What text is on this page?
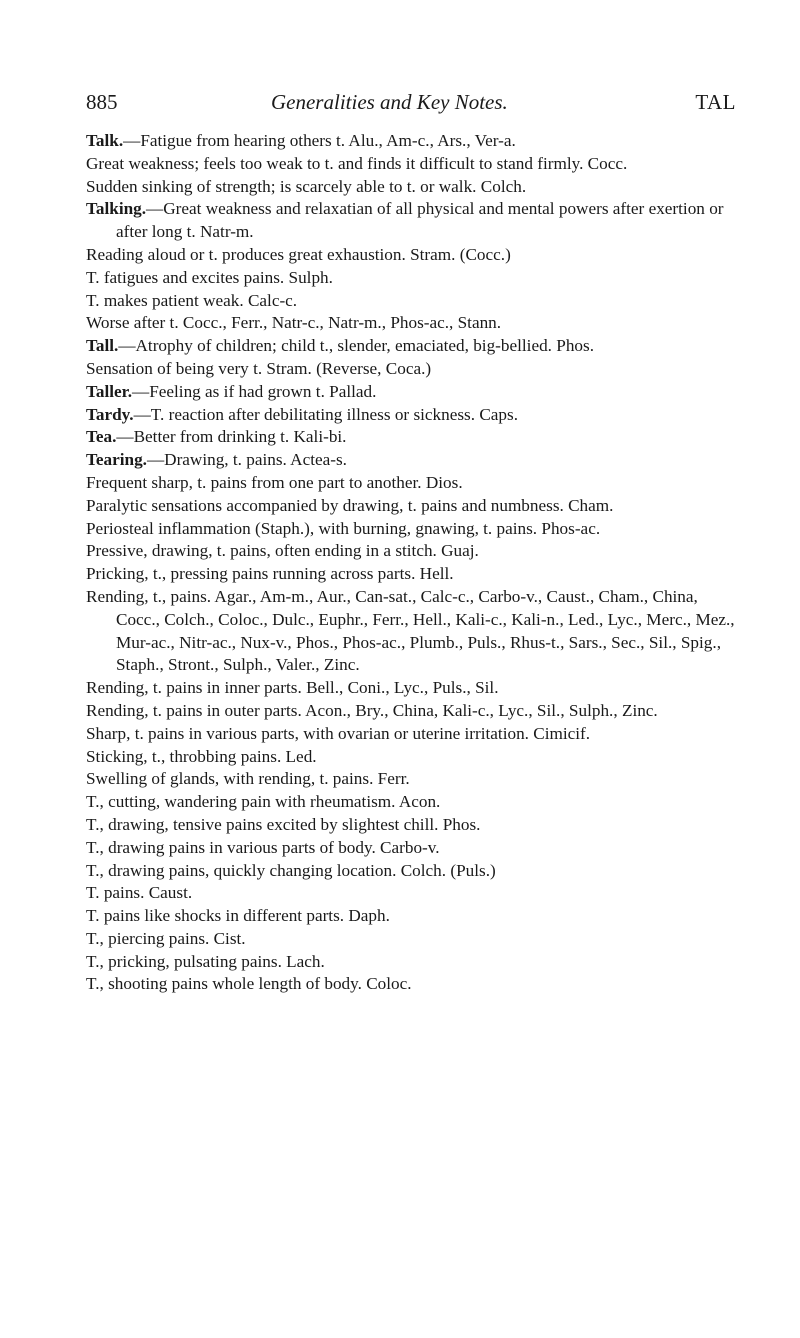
885	Generalities and Key Notes.	TAL

Talk.—Fatigue from hearing others t. Alu., Am-c., Ars., Ver-a.

Great weakness; feels too weak to t. and finds it difficult to stand firmly. Cocc.

Sudden sinking of strength; is scarcely able to t. or walk. Colch.

Talking.—Great weakness and relaxatian of all physical and mental powers after exertion or after long t. Natr-m.

Reading aloud or t. produces great exhaustion. Stram. (Cocc.)

T. fatigues and excites pains. Sulph.

T. makes patient weak. Calc-c.

Worse after t. Cocc., Ferr., Natr-c., Natr-m., Phos-ac., Stann.

Tall.—Atrophy of children; child t., slender, emaciated, big-bellied. Phos.

Sensation of being very t. Stram. (Reverse, Coca.)

Taller.—Feeling as if had grown t. Pallad.

Tardy.—T. reaction after debilitating illness or sickness. Caps.

Tea.—Better from drinking t. Kali-bi.

Tearing.—Drawing, t. pains. Actea-s.

Frequent sharp, t. pains from one part to another. Dios.

Paralytic sensations accompanied by drawing, t. pains and numbness. Cham.

Periosteal inflammation (Staph.), with burning, gnawing, t. pains. Phos-ac.

Pressive, drawing, t. pains, often ending in a stitch. Guaj.

Pricking, t., pressing pains running across parts. Hell.

Rending, t., pains. Agar., Am-m., Aur., Can-sat., Calc-c., Carbo-v., Caust., Cham., China, Cocc., Colch., Coloc., Dulc., Euphr., Ferr., Hell., Kali-c., Kali-n., Led., Lyc., Merc., Mez., Mur-ac., Nitr-ac., Nux-v., Phos., Phos-ac., Plumb., Puls., Rhus-t., Sars., Sec., Sil., Spig., Staph., Stront., Sulph., Valer., Zinc.

Rending, t. pains in inner parts. Bell., Coni., Lyc., Puls., Sil.

Rending, t. pains in outer parts. Acon., Bry., China, Kali-c., Lyc., Sil., Sulph., Zinc.

Sharp, t. pains in various parts, with ovarian or uterine irritation. Cimicif.

Sticking, t., throbbing pains. Led.

Swelling of glands, with rending, t. pains. Ferr.

T., cutting, wandering pain with rheumatism. Acon.

T., drawing, tensive pains excited by slightest chill. Phos.

T., drawing pains in various parts of body. Carbo-v.

T., drawing pains, quickly changing location. Colch. (Puls.)

T. pains. Caust.

T. pains like shocks in different parts. Daph.

T., piercing pains. Cist.

T., pricking, pulsating pains. Lach.

T., shooting pains whole length of body. Coloc.
